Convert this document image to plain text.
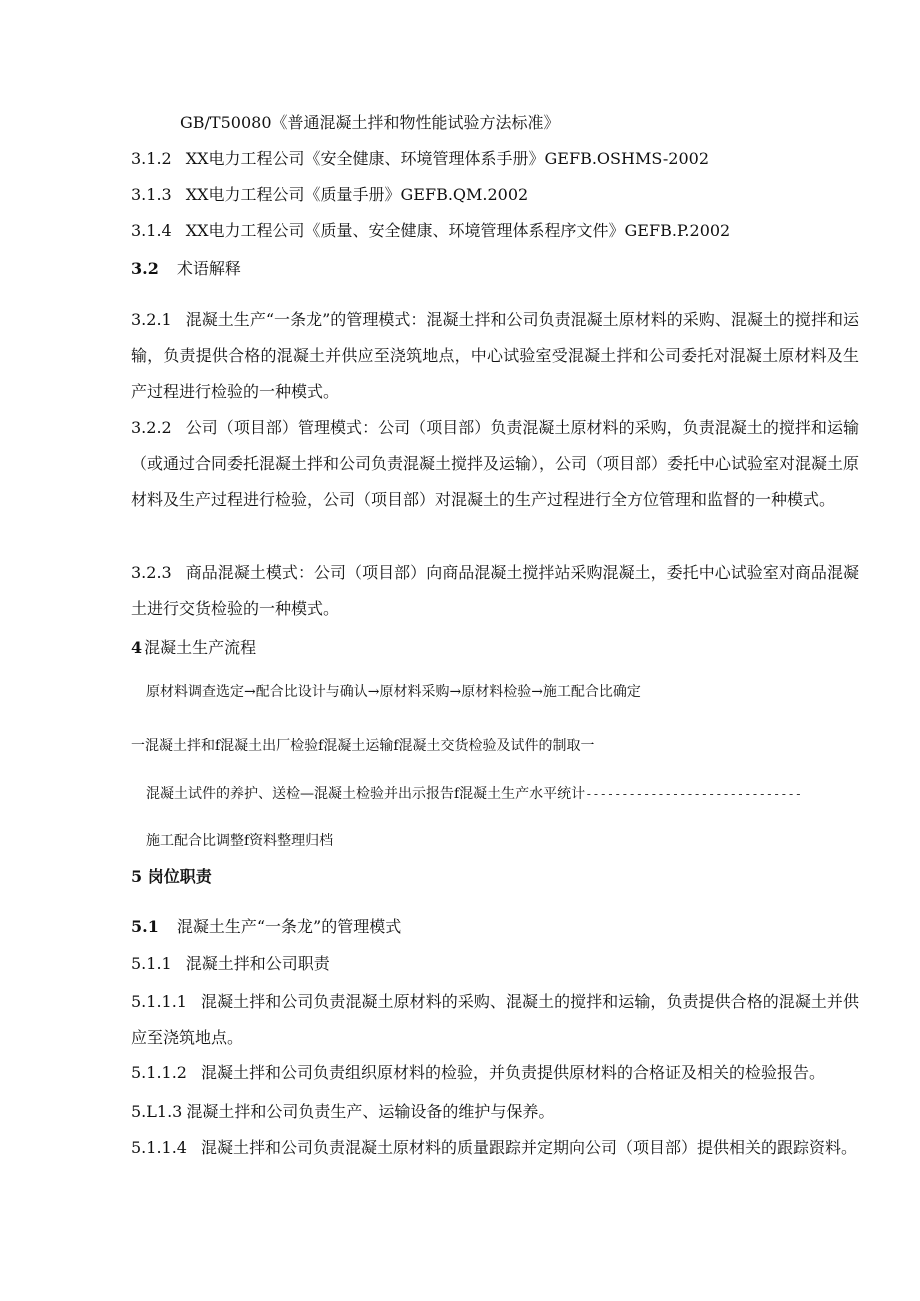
GB/T50080《普通混凝土拌和物性能试验方法标准》
3.1.2 XX电力工程公司《安全健康、环境管理体系手册》GEFB.OSHMS-2002
3.1.3 XX电力工程公司《质量手册》GEFB.QM.2002
3.1.4 XX电力工程公司《质量、安全健康、环境管理体系程序文件》GEFB.P.2002
3.2 术语解释
3.2.1 混凝土生产“一条龙”的管理模式：混凝土拌和公司负责混凝土原材料的采购、混凝土的搅拌和运输，负责提供合格的混凝土并供应至浇筑地点，中心试验室受混凝土拌和公司委托对混凝土原材料及生产过程进行检验的一种模式。
3.2.2 公司（项目部）管理模式：公司（项目部）负责混凝土原材料的采购，负责混凝土的搅拌和运输（或通过合同委托混凝土拌和公司负责混凝土搅拌及运输），公司（项目部）委托中心试验室对混凝土原材料及生产过程进行检验，公司（项目部）对混凝土的生产过程进行全方位管理和监督的一种模式。
3.2.3 商品混凝土模式：公司（项目部）向商品混凝土搅拌站采购混凝土，委托中心试验室对商品混凝土进行交货检验的一种模式。
4 混凝土生产流程
原材料调查选定→配合比设计与确认→原材料采购→原材料检验→施工配合比确定
一混凝土拌和f混凝土出厂检验f混凝土运输f混凝土交货检验及试件的制取一
混凝土试件的养护、送检—混凝土检验并出示报告f混凝土生产水平统计------------------------------
施工配合比调整f资料整理归档
5 岗位职责
5.1 混凝土生产“一条龙”的管理模式
5.1.1 混凝土拌和公司职责
5.1.1.1 混凝土拌和公司负责混凝土原材料的采购、混凝土的搅拌和运输，负责提供合格的混凝土并供应至浇筑地点。
5.1.1.2 混凝土拌和公司负责组织原材料的检验，并负责提供原材料的合格证及相关的检验报告。
5.L1.3 混凝土拌和公司负责生产、运输设备的维护与保养。
5.1.1.4 混凝土拌和公司负责混凝土原材料的质量跟踪并定期向公司（项目部）提供相关的跟踪资料。
